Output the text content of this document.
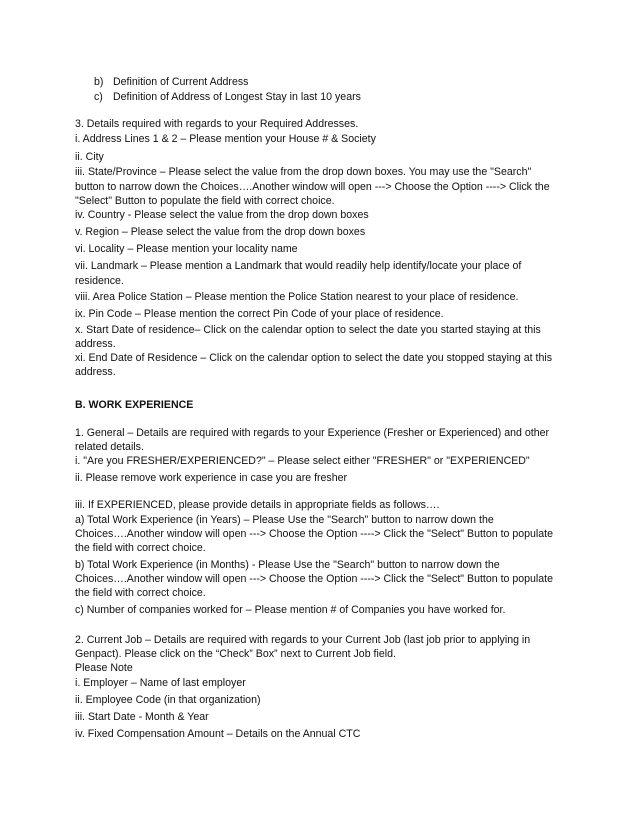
b) Definition of Current Address
c) Definition of Address of Longest Stay in last 10 years
3. Details required with regards to your Required Addresses.
i. Address Lines 1 & 2 – Please mention your House # & Society
ii. City
iii. State/Province – Please select the value from the drop down boxes. You may use the "Search"
button to narrow down the Choices….Another window will open ---> Choose the Option ----> Click the
"Select" Button to populate the field with correct choice.
iv. Country - Please select the value from the drop down boxes
v. Region – Please select the value from the drop down boxes
vi. Locality – Please mention your locality name
vii. Landmark – Please mention a Landmark that would readily help identify/locate your place of
residence.
viii. Area Police Station – Please mention the Police Station nearest to your place of residence.
ix. Pin Code – Please mention the correct Pin Code of your place of residence.
x. Start Date of residence– Click on the calendar option to select the date you started staying at this
address.
xi. End Date of Residence – Click on the calendar option to select the date you stopped staying at this
address.
B. WORK EXPERIENCE
1. General – Details are required with regards to your Experience (Fresher or Experienced) and other
related details.
i. "Are you FRESHER/EXPERIENCED?" – Please select either "FRESHER" or "EXPERIENCED"
ii. Please remove work experience in case you are fresher
iii. If EXPERIENCED, please provide details in appropriate fields as follows….
a) Total Work Experience (in Years) – Please Use the "Search" button to narrow down the
Choices….Another window will open ---> Choose the Option ----> Click the "Select" Button to populate
the field with correct choice.
b) Total Work Experience (in Months) - Please Use the "Search" button to narrow down the
Choices….Another window will open ---> Choose the Option ----> Click the "Select" Button to populate
the field with correct choice.
c) Number of companies worked for – Please mention # of Companies you have worked for.
2. Current Job – Details are required with regards to your Current Job (last job prior to applying in
Genpact). Please click on the “Check” Box” next to Current Job field.
Please Note
i. Employer – Name of last employer
ii. Employee Code (in that organization)
iii. Start Date - Month & Year
iv. Fixed Compensation Amount – Details on the Annual CTC
